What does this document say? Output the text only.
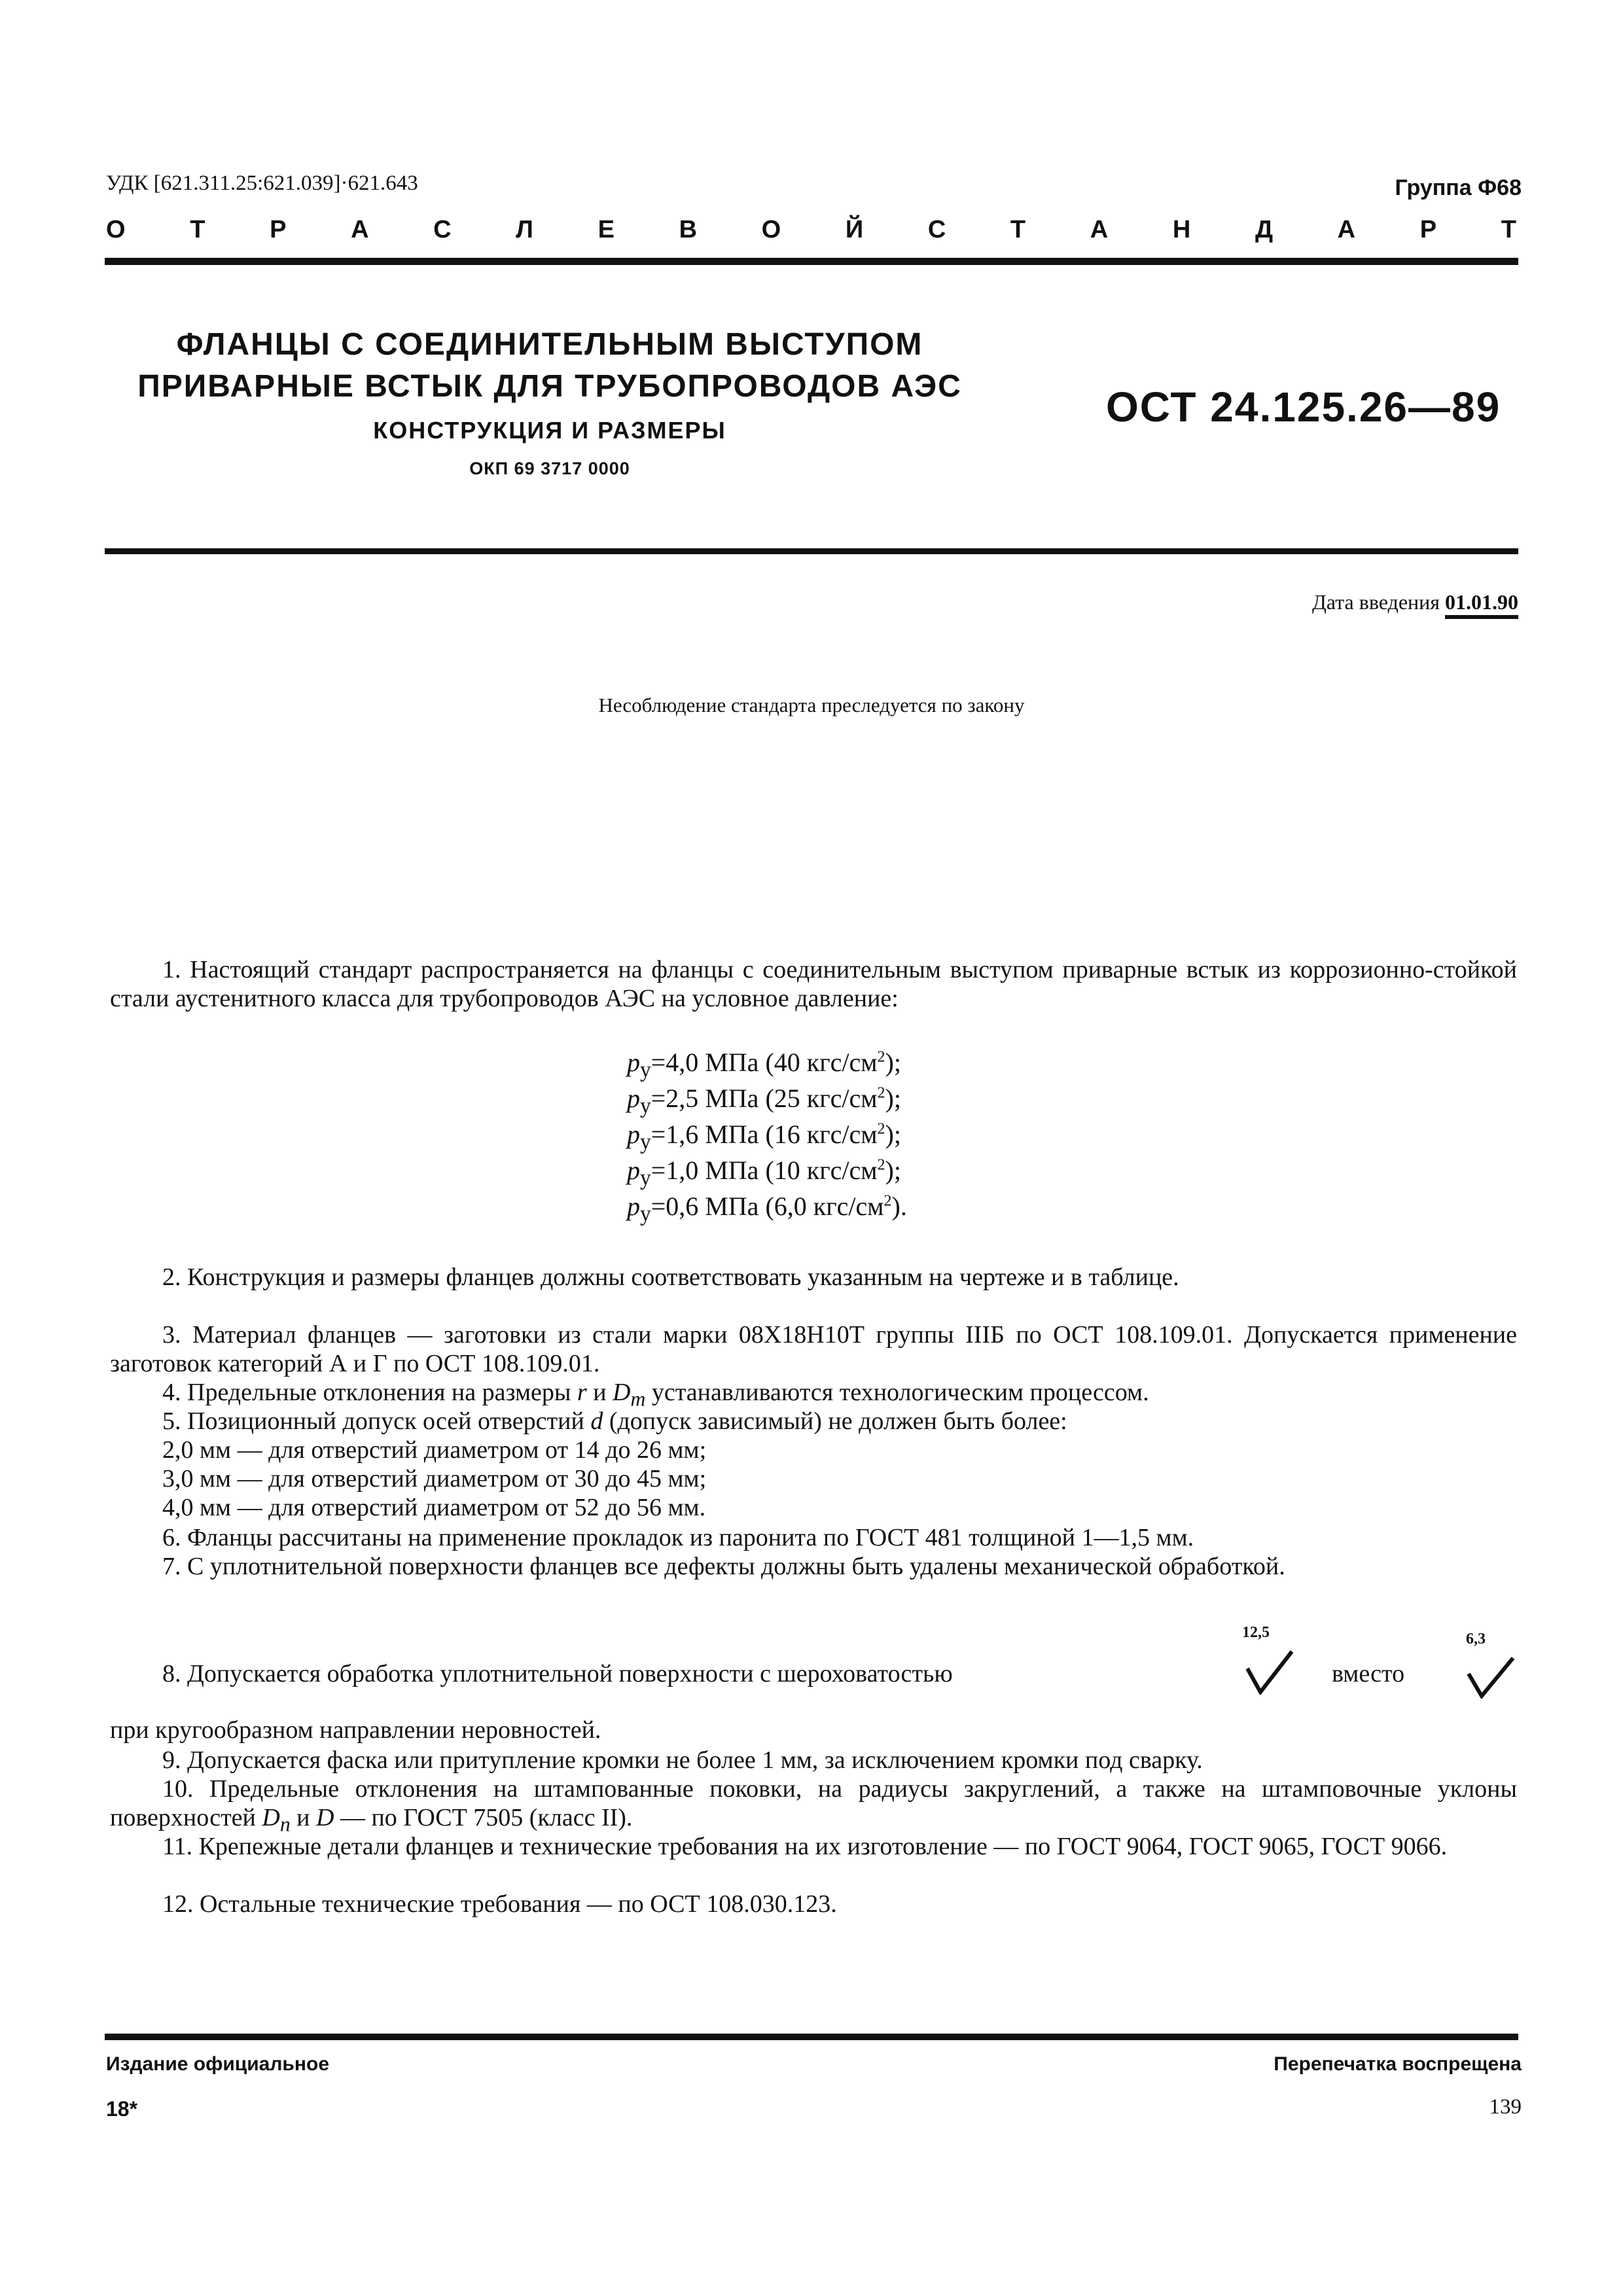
УДК [621.311.25:621.039]·621.643	Группа Ф68
О	Т	Р	А	С	Л	Е	В	О	Й	С	Т	А	Н	Д	А	Р	Т
ФЛАНЦЫ С СОЕДИНИТЕЛЬНЫМ ВЫСТУПОМ
ПРИВАРНЫЕ ВСТЫК ДЛЯ ТРУБОПРОВОДОВ АЭС
КОНСТРУКЦИЯ И РАЗМЕРЫ
ОКП 69 3717 0000
ОСТ 24.125.26—89
Дата введения 01.01.90
Несоблюдение стандарта преследуется по закону
1. Настоящий стандарт распространяется на фланцы с соединительным выступом приварные встык из коррозионно-стойкой стали аустенитного класса для трубопроводов АЭС на условное давление:
$p_у=4,0$ МПа (40 кгс/$см^2$);
$p_у=2,5$ МПа (25 кгс/$см^2$);
$p_у=1,6$ МПа (16 кгс/$см^2$);
$p_у=1,0$ МПа (10 кгс/$см^2$);
$p_у=0,6$ МПа (6,0 кгс/$см^2$).
2. Конструкция и размеры фланцев должны соответствовать указанным на чертеже и в таблице.
3. Материал фланцев — заготовки из стали марки 08Х18Н10Т группы IIIБ по ОСТ 108.109.01. Допускается применение заготовок категорий А и Г по ОСТ 108.109.01.
4. Предельные отклонения на размеры r и $D_m$ устанавливаются технологическим процессом.
5. Позиционный допуск осей отверстий d (допуск зависимый) не должен быть более:
2,0 мм — для отверстий диаметром от 14 до 26 мм;
3,0 мм — для отверстий диаметром от 30 до 45 мм;
4,0 мм — для отверстий диаметром от 52 до 56 мм.
6. Фланцы рассчитаны на применение прокладок из паронита по ГОСТ 481 толщиной 1—1,5 мм.
7. С уплотнительной поверхности фланцев все дефекты должны быть удалены механической обработкой.
8. Допускается обработка уплотнительной поверхности с шероховатостью
12,5
вместо
6,3
при кругообразном направлении неровностей.
9. Допускается фаска или притупление кромки не более 1 мм, за исключением кромки под сварку.
10. Предельные отклонения на штампованные поковки, на радиусы закруглений, а также на штамповочные уклоны поверхностей $D_п$ и D — по ГОСТ 7505 (класс II).
11. Крепежные детали фланцев и технические требования на их изготовление — по ГОСТ 9064, ГОСТ 9065, ГОСТ 9066.
12. Остальные технические требования — по ОСТ 108.030.123.
Издание официальное	Перепечатка воспрещена
18*	139
